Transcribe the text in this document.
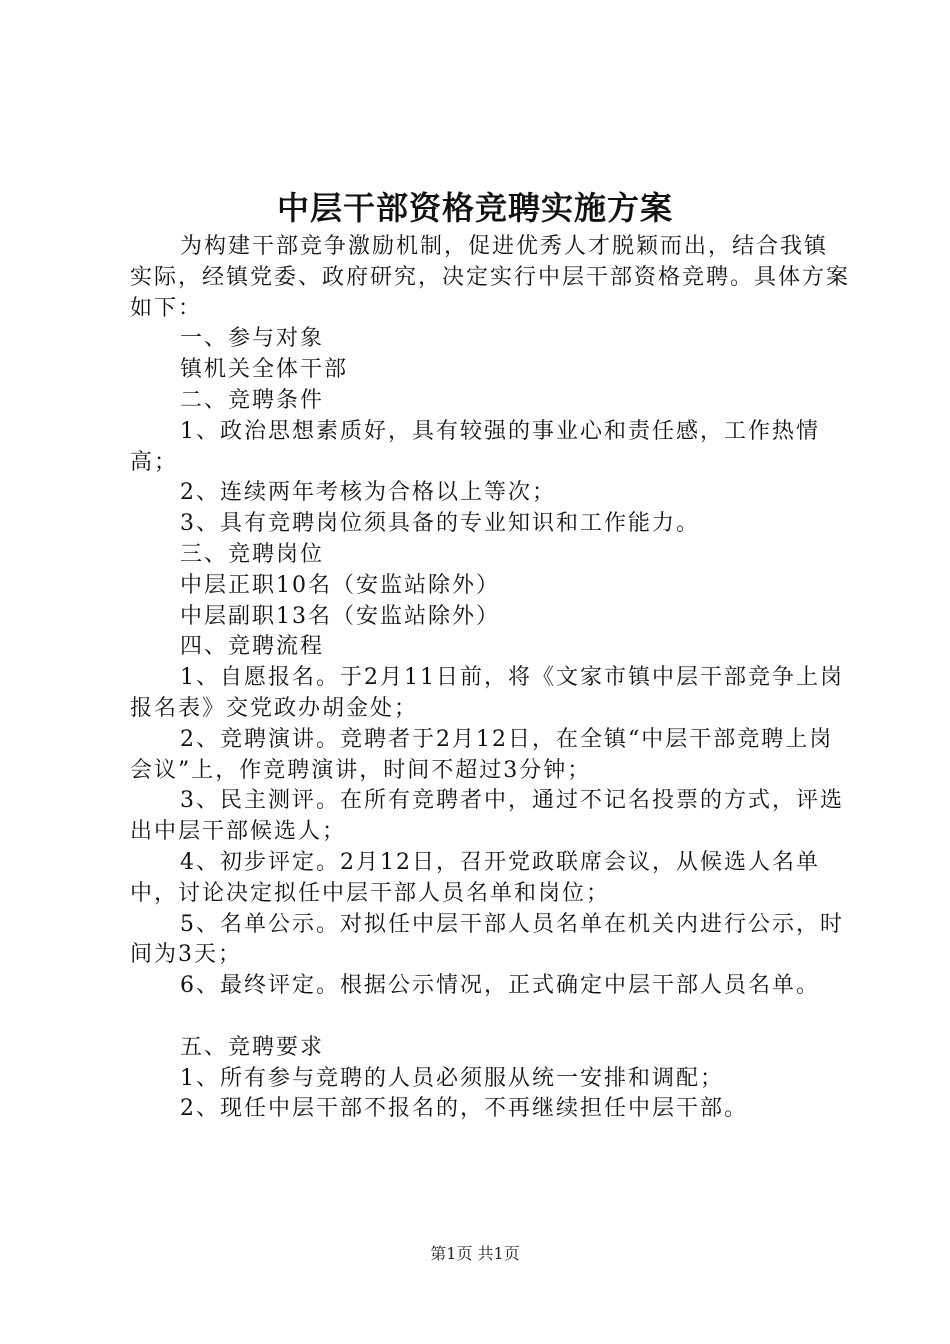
中层干部资格竞聘实施方案

为构建干部竞争激励机制，促进优秀人才脱颖而出，结合我镇实际，经镇党委、政府研究，决定实行中层干部资格竞聘。具体方案如下：

一、参与对象

镇机关全体干部

二、竞聘条件

1、政治思想素质好，具有较强的事业心和责任感，工作热情高；

2、连续两年考核为合格以上等次；

3、具有竞聘岗位须具备的专业知识和工作能力。

三、竞聘岗位

中层正职10名（安监站除外）

中层副职13名（安监站除外）

四、竞聘流程

1、自愿报名。于2月11日前，将《文家市镇中层干部竞争上岗报名表》交党政办胡金处；

2、竞聘演讲。竞聘者于2月12日，在全镇“中层干部竞聘上岗会议”上，作竞聘演讲，时间不超过3分钟；

3、民主测评。在所有竞聘者中，通过不记名投票的方式，评选出中层干部候选人；

4、初步评定。2月12日，召开党政联席会议，从候选人名单中，讨论决定拟任中层干部人员名单和岗位；

5、名单公示。对拟任中层干部人员名单在机关内进行公示，时间为3天；

6、最终评定。根据公示情况，正式确定中层干部人员名单。

五、竞聘要求

1、所有参与竞聘的人员必须服从统一安排和调配；

2、现任中层干部不报名的，不再继续担任中层干部。

第1页 共1页
